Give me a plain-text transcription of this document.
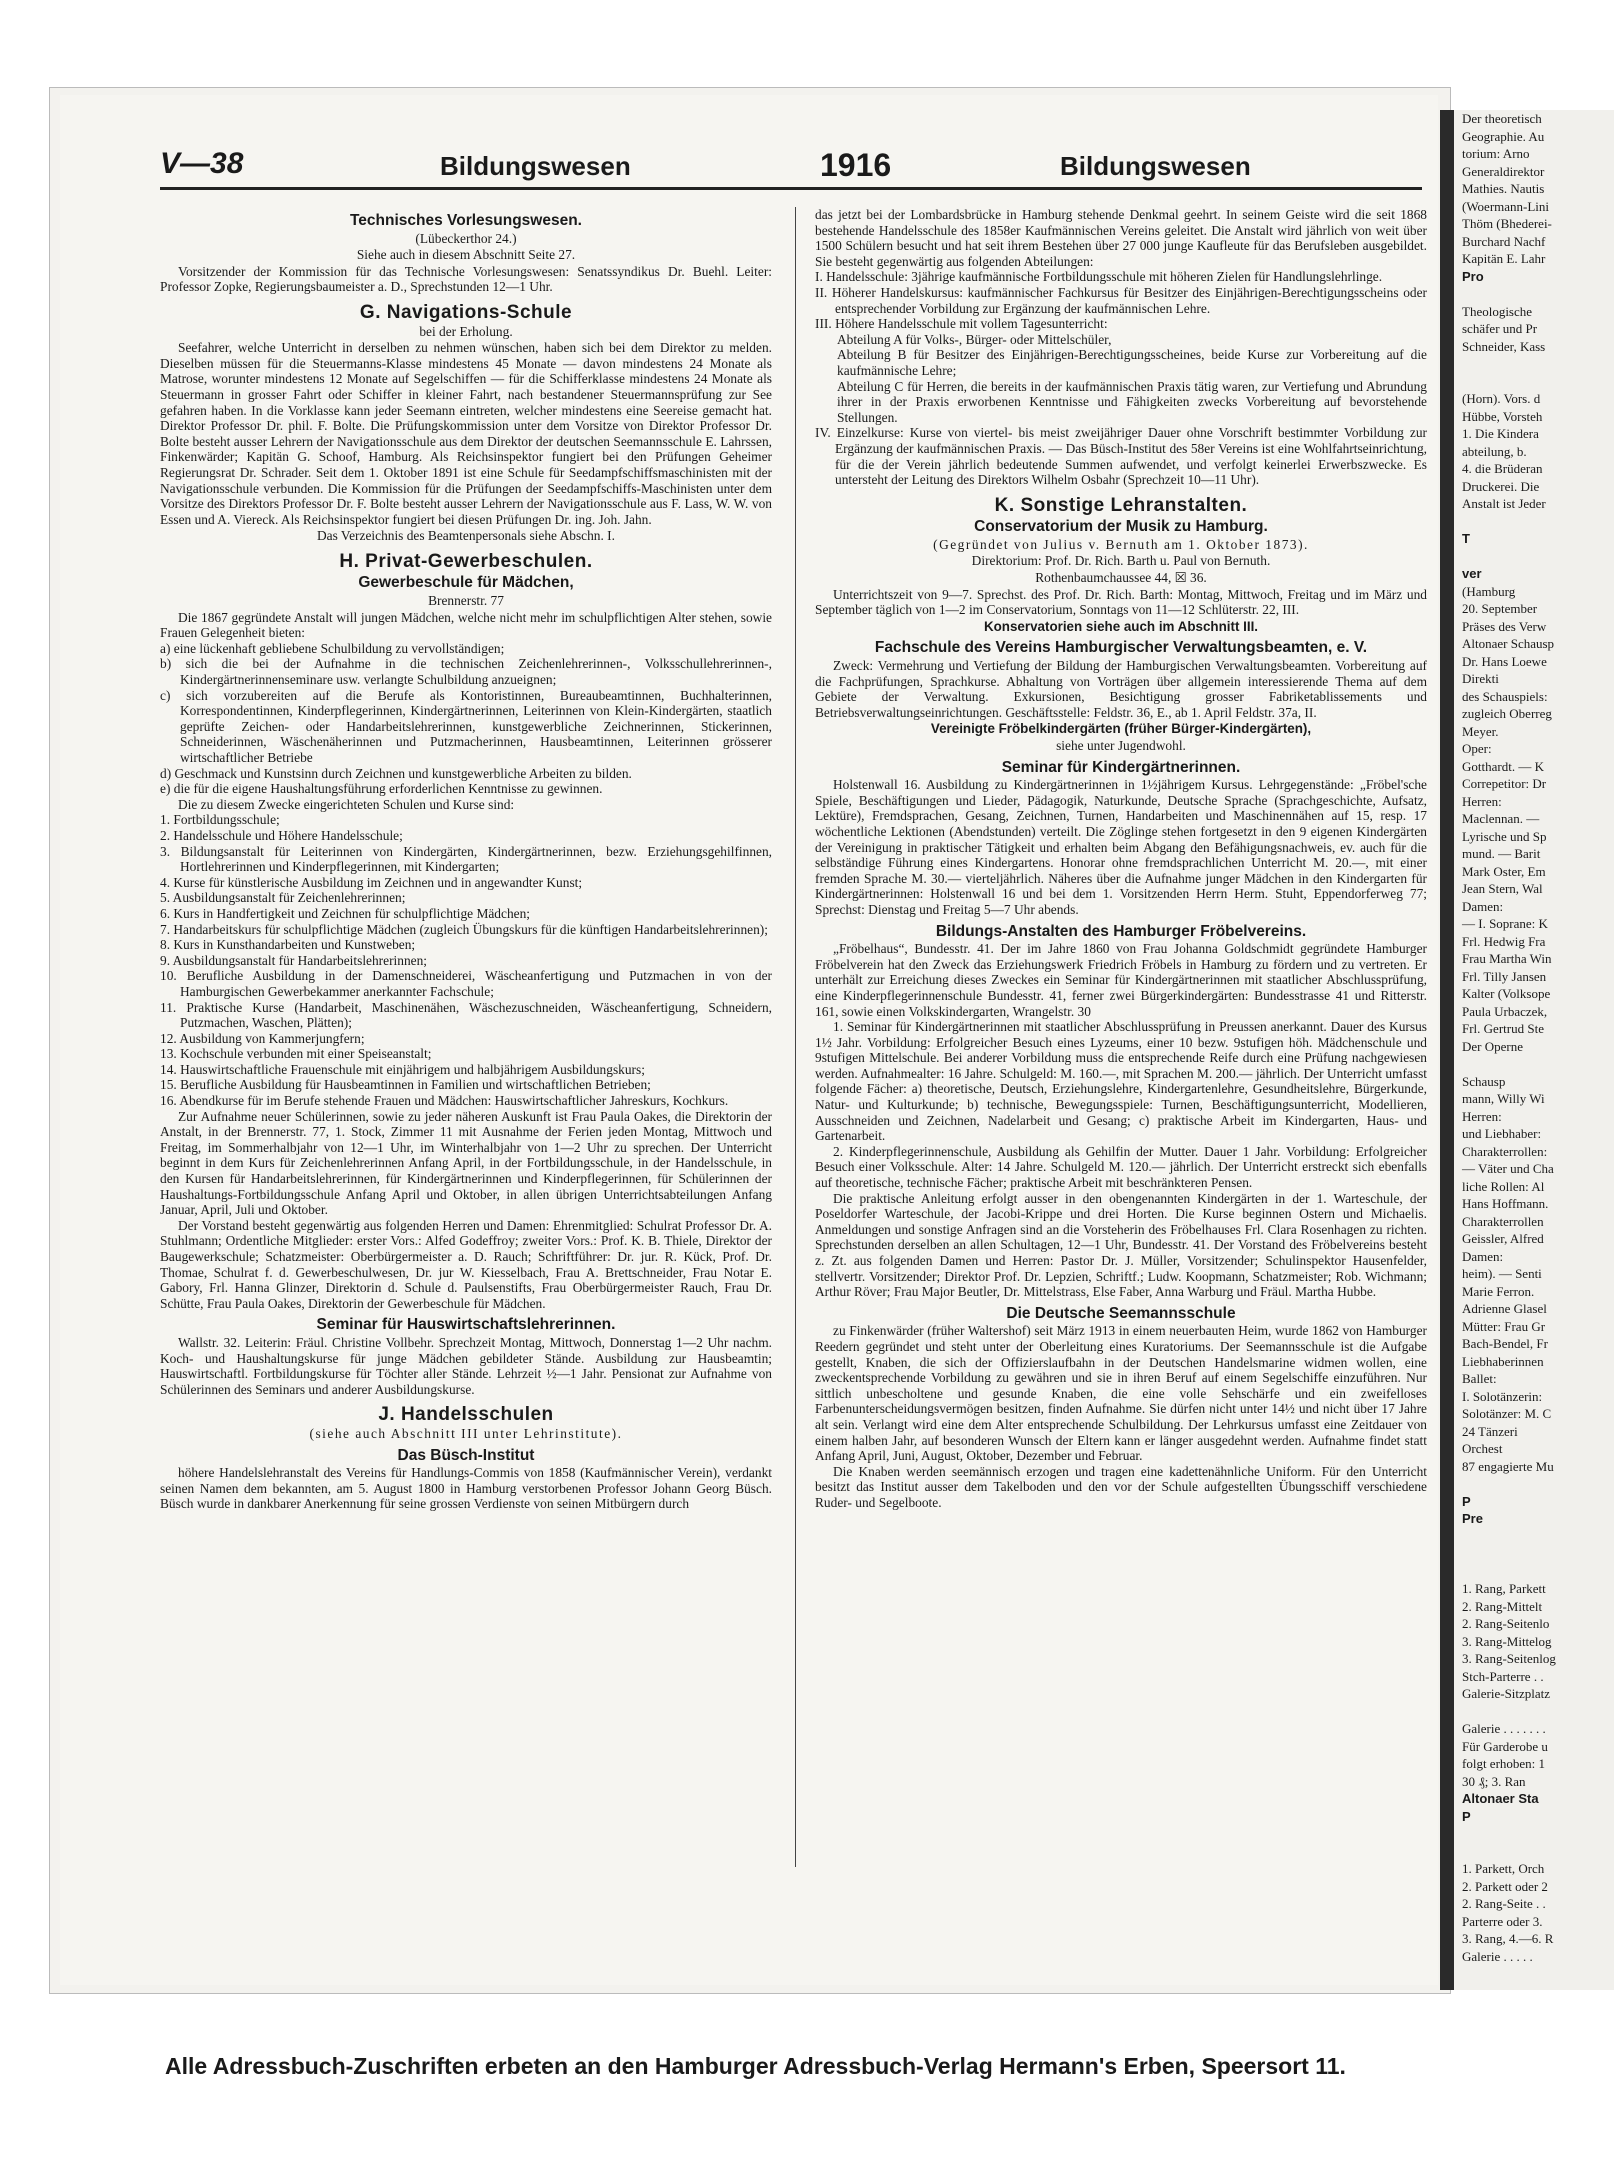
V—38	Bildungswesen	1916	Bildungswesen
Technisches Vorlesungswesen.
(Lübeckerthor 24.)
Siehe auch in diesem Abschnitt Seite 27.
Vorsitzender der Kommission für das Technische Vorlesungswesen: Senatssyndikus Dr. Buehl. Leiter: Professor Zopke, Regierungsbaumeister a. D., Sprechstunden 12—1 Uhr.
G. Navigations-Schule
bei der Erholung.
Seefahrer, welche Unterricht in derselben zu nehmen wünschen, haben sich bei dem Direktor zu melden. Dieselben müssen für die Steuermanns-Klasse mindestens 45 Monate — davon mindestens 24 Monate als Matrose, worunter mindestens 12 Monate auf Segelschiffen — für die Schifferklasse mindestens 24 Monate als Steuermann in grosser Fahrt oder Schiffer in kleiner Fahrt, nach bestandener Steuermannsprüfung zur See gefahren haben. In die Vorklasse kann jeder Seemann eintreten, welcher mindestens eine Seereise gemacht hat. Direktor Professor Dr. phil. F. Bolte. Die Prüfungskommission unter dem Vorsitze von Direktor Professor Dr. Bolte besteht ausser Lehrern der Navigationsschule aus dem Direktor der deutschen Seemannsschule E. Lahrssen, Finkenwärder; Kapitän G. Schoof, Hamburg. Als Reichsinspektor fungiert bei den Prüfungen Geheimer Regierungsrat Dr. Schrader. Seit dem 1. Oktober 1891 ist eine Schule für Seedampfschiffsmaschinisten mit der Navigationsschule verbunden. Die Kommission für die Prüfungen der Seedampfschiffs-Maschinisten unter dem Vorsitze des Direktors Professor Dr. F. Bolte besteht ausser Lehrern der Navigationsschule aus F. Lass, W. W. von Essen und A. Viereck. Als Reichsinspektor fungiert bei diesen Prüfungen Dr. ing. Joh. Jahn.
Das Verzeichnis des Beamtenpersonals siehe Abschn. I.
H. Privat-Gewerbeschulen.
Gewerbeschule für Mädchen,
Brennerstr. 77
Die 1867 gegründete Anstalt will jungen Mädchen, welche nicht mehr im schulpflichtigen Alter stehen, sowie Frauen Gelegenheit bieten:
a) eine lückenhaft gebliebene Schulbildung zu vervollständigen;
b) sich die bei der Aufnahme in die technischen Zeichenlehrerinnen-, Volksschullehrerinnen-, Kindergärtnerinnenseminare usw. verlangte Schulbildung anzueignen;
c) sich vorzubereiten auf die Berufe als Kontoristinnen, Bureaubeamtinnen, Buchhalterinnen, Korrespondentinnen, Kinderpflegerinnen, Kindergärtnerinnen, Leiterinnen von Klein-Kindergärten, staatlich geprüfte Zeichen- oder Handarbeitslehrerinnen, kunstgewerbliche Zeichnerinnen, Stickerinnen, Schneiderinnen, Wäschenäherinnen und Putzmacherinnen, Hausbeamtinnen, Leiterinnen grösserer wirtschaftlicher Betriebe
d) Geschmack und Kunstsinn durch Zeichnen und kunstgewerbliche Arbeiten zu bilden.
e) die für die eigene Haushaltungsführung erforderlichen Kenntnisse zu gewinnen.
Die zu diesem Zwecke eingerichteten Schulen und Kurse sind:
1. Fortbildungsschule;
2. Handelsschule und Höhere Handelsschule;
3. Bildungsanstalt für Leiterinnen von Kindergärten, Kindergärtnerinnen, bezw. Erziehungsgehilfinnen, Hortlehrerinnen und Kinderpflegerinnen, mit Kindergarten;
4. Kurse für künstlerische Ausbildung im Zeichnen und in angewandter Kunst;
5. Ausbildungsanstalt für Zeichenlehrerinnen;
6. Kurs in Handfertigkeit und Zeichnen für schulpflichtige Mädchen;
7. Handarbeitskurs für schulpflichtige Mädchen (zugleich Übungskurs für die künftigen Handarbeitslehrerinnen);
8. Kurs in Kunsthandarbeiten und Kunstweben;
9. Ausbildungsanstalt für Handarbeitslehrerinnen;
10. Berufliche Ausbildung in der Damenschneiderei, Wäscheanfertigung und Putzmachen in von der Hamburgischen Gewerbekammer anerkannter Fachschule;
11. Praktische Kurse (Handarbeit, Maschinenähen, Wäschezuschneiden, Wäscheanfertigung, Schneidern, Putzmachen, Waschen, Plätten);
12. Ausbildung von Kammerjungfern;
13. Kochschule verbunden mit einer Speiseanstalt;
14. Hauswirtschaftliche Frauenschule mit einjährigem und halbjährigem Ausbildungskurs;
15. Berufliche Ausbildung für Hausbeamtinnen in Familien und wirtschaftlichen Betrieben;
16. Abendkurse für im Berufe stehende Frauen und Mädchen: Hauswirtschaftlicher Jahreskurs, Kochkurs.
Zur Aufnahme neuer Schülerinnen, sowie zu jeder näheren Auskunft ist Frau Paula Oakes, die Direktorin der Anstalt, in der Brennerstr. 77, 1. Stock, Zimmer 11 mit Ausnahme der Ferien jeden Montag, Mittwoch und Freitag, im Sommerhalbjahr von 12—1 Uhr, im Winterhalbjahr von 1—2 Uhr zu sprechen. Der Unterricht beginnt in dem Kurs für Zeichenlehrerinnen Anfang April, in der Fortbildungsschule, in der Handelsschule, in den Kursen für Handarbeitslehrerinnen, für Kindergärtnerinnen und Kinderpflegerinnen, für Schülerinnen der Haushaltungs-Fortbildungsschule Anfang April und Oktober, in allen übrigen Unterrichtsabteilungen Anfang Januar, April, Juli und Oktober.
Der Vorstand besteht gegenwärtig aus folgenden Herren und Damen: Ehrenmitglied: Schulrat Professor Dr. A. Stuhlmann; Ordentliche Mitglieder: erster Vors.: Alfed Godeffroy; zweiter Vors.: Prof. K. B. Thiele, Direktor der Baugewerkschule; Schatzmeister: Oberbürgermeister a. D. Rauch; Schriftführer: Dr. jur. R. Kück, Prof. Dr. Thomae, Schulrat f. d. Gewerbeschulwesen, Dr. jur W. Kiesselbach, Frau A. Brettschneider, Frau Notar E. Gabory, Frl. Hanna Glinzer, Direktorin d. Schule d. Paulsenstifts, Frau Oberbürgermeister Rauch, Frau Dr. Schütte, Frau Paula Oakes, Direktorin der Gewerbeschule für Mädchen.
Seminar für Hauswirtschaftslehrerinnen.
Wallstr. 32. Leiterin: Fräul. Christine Vollbehr. Sprechzeit Montag, Mittwoch, Donnerstag 1—2 Uhr nachm. Koch- und Haushaltungskurse für junge Mädchen gebildeter Stände. Ausbildung zur Hausbeamtin; Hauswirtschaftl. Fortbildungskurse für Töchter aller Stände. Lehrzeit ½—1 Jahr. Pensionat zur Aufnahme von Schülerinnen des Seminars und anderer Ausbildungskurse.
J. Handelsschulen
(siehe auch Abschnitt III unter Lehrinstitute).
Das Büsch-Institut
höhere Handelslehranstalt des Vereins für Handlungs-Commis von 1858 (Kaufmännischer Verein), verdankt seinen Namen dem bekannten, am 5. August 1800 in Hamburg verstorbenen Professor Johann Georg Büsch. Büsch wurde in dankbarer Anerkennung für seine grossen Verdienste von seinen Mitbürgern durch
das jetzt bei der Lombardsbrücke in Hamburg stehende Denkmal geehrt. In seinem Geiste wird die seit 1868 bestehende Handelsschule des 1858er Kaufmännischen Vereins geleitet. Die Anstalt wird jährlich von weit über 1500 Schülern besucht und hat seit ihrem Bestehen über 27 000 junge Kaufleute für das Berufsleben ausgebildet. Sie besteht gegenwärtig aus folgenden Abteilungen:
I. Handelsschule: 3jährige kaufmännische Fortbildungsschule mit höheren Zielen für Handlungslehrlinge.
II. Höherer Handelskursus: kaufmännischer Fachkursus für Besitzer des Einjährigen-Berechtigungsscheins oder entsprechender Vorbildung zur Ergänzung der kaufmännischen Lehre.
III. Höhere Handelsschule mit vollem Tagesunterricht:
Abteilung A für Volks-, Bürger- oder Mittelschüler,
Abteilung B für Besitzer des Einjährigen-Berechtigungsscheines, beide Kurse zur Vorbereitung auf die kaufmännische Lehre;
Abteilung C für Herren, die bereits in der kaufmännischen Praxis tätig waren, zur Vertiefung und Abrundung ihrer in der Praxis erworbenen Kenntnisse und Fähigkeiten zwecks Vorbereitung auf bevorstehende Stellungen.
IV. Einzelkurse: Kurse von viertel- bis meist zweijähriger Dauer ohne Vorschrift bestimmter Vorbildung zur Ergänzung der kaufmännischen Praxis. — Das Büsch-Institut des 58er Vereins ist eine Wohlfahrtseinrichtung, für die der Verein jährlich bedeutende Summen aufwendet, und verfolgt keinerlei Erwerbszwecke. Es untersteht der Leitung des Direktors Wilhelm Osbahr (Sprechzeit 10—11 Uhr).
K. Sonstige Lehranstalten.
Conservatorium der Musik zu Hamburg.
(Gegründet von Julius v. Bernuth am 1. Oktober 1873).
Direktorium: Prof. Dr. Rich. Barth u. Paul von Bernuth.
Rothenbaumchaussee 44, ☒ 36.
Unterrichtszeit von 9—7. Sprechst. des Prof. Dr. Rich. Barth: Montag, Mittwoch, Freitag und im März und September täglich von 1—2 im Conservatorium, Sonntags von 11—12 Schlüterstr. 22, III.
Konservatorien siehe auch im Abschnitt III.
Fachschule des Vereins Hamburgischer Verwaltungsbeamten, e. V.
Zweck: Vermehrung und Vertiefung der Bildung der Hamburgischen Verwaltungsbeamten. Vorbereitung auf die Fachprüfungen, Sprachkurse. Abhaltung von Vorträgen über allgemein interessierende Thema auf dem Gebiete der Verwaltung. Exkursionen, Besichtigung grosser Fabriketablissements und Betriebsverwaltungseinrichtungen. Geschäftsstelle: Feldstr. 36, E., ab 1. April Feldstr. 37a, II.
Vereinigte Fröbelkindergärten (früher Bürger-Kindergärten),
siehe unter Jugendwohl.
Seminar für Kindergärtnerinnen.
Holstenwall 16. Ausbildung zu Kindergärtnerinnen in 1½jährigem Kursus. Lehrgegenstände: „Fröbel'sche Spiele, Beschäftigungen und Lieder, Pädagogik, Naturkunde, Deutsche Sprache (Sprachgeschichte, Aufsatz, Lektüre), Fremdsprachen, Gesang, Zeichnen, Turnen, Handarbeiten und Maschinennähen auf 15, resp. 17 wöchentliche Lektionen (Abendstunden) verteilt. Die Zöglinge stehen fortgesetzt in den 9 eigenen Kindergärten der Vereinigung in praktischer Tätigkeit und erhalten beim Abgang den Befähigungsnachweis, ev. auch für die selbständige Führung eines Kindergartens. Honorar ohne fremdsprachlichen Unterricht M. 20.—, mit einer fremden Sprache M. 30.— vierteljährlich. Näheres über die Aufnahme junger Mädchen in den Kindergarten für Kindergärtnerinnen: Holstenwall 16 und bei dem 1. Vorsitzenden Herrn Herm. Stuht, Eppendorferweg 77; Sprechst: Dienstag und Freitag 5—7 Uhr abends.
Bildungs-Anstalten des Hamburger Fröbelvereins.
„Fröbelhaus“, Bundesstr. 41. Der im Jahre 1860 von Frau Johanna Goldschmidt gegründete Hamburger Fröbelverein hat den Zweck das Erziehungswerk Friedrich Fröbels in Hamburg zu fördern und zu vertreten. Er unterhält zur Erreichung dieses Zweckes ein Seminar für Kindergärtnerinnen mit staatlicher Abschlussprüfung, eine Kinderpflegerinnenschule Bundesstr. 41, ferner zwei Bürgerkindergärten: Bundesstrasse 41 und Ritterstr. 161, sowie einen Volkskindergarten, Wrangelstr. 30
1. Seminar für Kindergärtnerinnen mit staatlicher Abschlussprüfung in Preussen anerkannt. Dauer des Kursus 1½ Jahr. Vorbildung: Erfolgreicher Besuch eines Lyzeums, einer 10 bezw. 9stufigen höh. Mädchenschule und 9stufigen Mittelschule. Bei anderer Vorbildung muss die entsprechende Reife durch eine Prüfung nachgewiesen werden. Aufnahmealter: 16 Jahre. Schulgeld: M. 160.—, mit Sprachen M. 200.— jährlich. Der Unterricht umfasst folgende Fächer: a) theoretische, Deutsch, Erziehungslehre, Kindergartenlehre, Gesundheitslehre, Bürgerkunde, Natur- und Kulturkunde; b) technische, Bewegungsspiele: Turnen, Beschäftigungsunterricht, Modellieren, Ausschneiden und Zeichnen, Nadelarbeit und Gesang; c) praktische Arbeit im Kindergarten, Haus- und Gartenarbeit.
2. Kinderpflegerinnenschule, Ausbildung als Gehilfin der Mutter. Dauer 1 Jahr. Vorbildung: Erfolgreicher Besuch einer Volksschule. Alter: 14 Jahre. Schulgeld M. 120.— jährlich. Der Unterricht erstreckt sich ebenfalls auf theoretische, technische Fächer; praktische Arbeit mit beschränkteren Pensen.
Die praktische Anleitung erfolgt ausser in den obengenannten Kindergärten in der 1. Warteschule, der Poseldorfer Warteschule, der Jacobi-Krippe und drei Horten. Die Kurse beginnen Ostern und Michaelis. Anmeldungen und sonstige Anfragen sind an die Vorsteherin des Fröbelhauses Frl. Clara Rosenhagen zu richten. Sprechstunden derselben an allen Schultagen, 12—1 Uhr, Bundesstr. 41. Der Vorstand des Fröbelvereins besteht z. Zt. aus folgenden Damen und Herren: Pastor Dr. J. Müller, Vorsitzender; Schulinspektor Hausenfelder, stellvertr. Vorsitzender; Direktor Prof. Dr. Lepzien, Schriftf.; Ludw. Koopmann, Schatzmeister; Rob. Wichmann; Arthur Röver; Frau Major Beutler, Dr. Mittelstrass, Else Faber, Anna Warburg und Fräul. Martha Hubbe.
Die Deutsche Seemannsschule
zu Finkenwärder (früher Waltershof) seit März 1913 in einem neuerbauten Heim, wurde 1862 von Hamburger Reedern gegründet und steht unter der Oberleitung eines Kuratoriums. Der Seemannsschule ist die Aufgabe gestellt, Knaben, die sich der Offizierslaufbahn in der Deutschen Handelsmarine widmen wollen, eine zweckentsprechende Vorbildung zu gewähren und sie in ihren Beruf auf einem Segelschiffe einzuführen. Nur sittlich unbescholtene und gesunde Knaben, die eine volle Sehschärfe und ein zweifelloses Farbenunterscheidungsvermögen besitzen, finden Aufnahme. Sie dürfen nicht unter 14½ und nicht über 17 Jahre alt sein. Verlangt wird eine dem Alter entsprechende Schulbildung. Der Lehrkursus umfasst eine Zeitdauer von einem halben Jahr, auf besonderen Wunsch der Eltern kann er länger ausgedehnt werden. Aufnahme findet statt Anfang April, Juni, August, Oktober, Dezember und Februar.
Die Knaben werden seemännisch erzogen und tragen eine kadettenähnliche Uniform. Für den Unterricht besitzt das Institut ausser dem Takelboden und den vor der Schule aufgestellten Übungsschiff verschiedene Ruder- und Segelboote.
Alle Adressbuch-Zuschriften erbeten an den Hamburger Adressbuch-Verlag Hermann's Erben, Speersort 11.
Der theoretisch
Geographie. Au
torium: Arno
Generaldirektor
Mathies. Nautis
(Woermann-Lini
Thöm (Bhederei-
Burchard Nachf
Kapitän E. Lahr
Pro

Theologische
schäfer und Pr
Schneider, Kass

(Horn). Vors. d
Hübbe, Vorsteh
1. Die Kindera
abteilung, b.
4. die Brüderan
Druckerei. Die
Anstalt ist Jeder

T

ver
(Hamburg
20. September
Präses des Verw
Altonaer Schausp
Dr. Hans Loewe
Direkti
des Schauspiels:
zugleich Oberreg
Meyer.
Oper:
Gotthardt. — K
Correpetitor: Dr
Herren:
Maclennan. —
Lyrische und Sp
mund. — Barit
Mark Oster, Em
Jean Stern, Wal
Damen:
— I. Soprane: K
Frl. Hedwig Fra
Frau Martha Win
Frl. Tilly Jansen
Kalter (Volksope
Paula Urbaczek,
Frl. Gertrud Ste
Der Operne

Schausp
mann, Willy Wi
Herren:
und Liebhaber:
Charakterrollen:
— Väter und Cha
liche Rollen: Al
Hans Hoffmann.
Charakterrollen
Geissler, Alfred
Damen:
heim). — Senti
Marie Ferron.
Adrienne Glasel
Mütter: Frau Gr
Bach-Bendel, Fr
Liebhaberinnen
Ballet:
I. Solotänzerin:
Solotänzer: M. C
24 Tänzeri
Orchest
87 engagierte Mu

P
Pre

1. Rang, Parkett
2. Rang-Mittelt
2. Rang-Seitenlo
3. Rang-Mittelog
3. Rang-Seitenlog
Stch-Parterre . .
Galerie-Sitzplatz

Galerie . . . . . . .
Für Garderobe u
folgt erhoben: 1
30 ₰; 3. Ran
Altonaer Sta
P

1. Parkett, Orch
2. Parkett oder 2
2. Rang-Seite . .
Parterre oder 3.
3. Rang, 4.—6. R
Galerie . . . . .
